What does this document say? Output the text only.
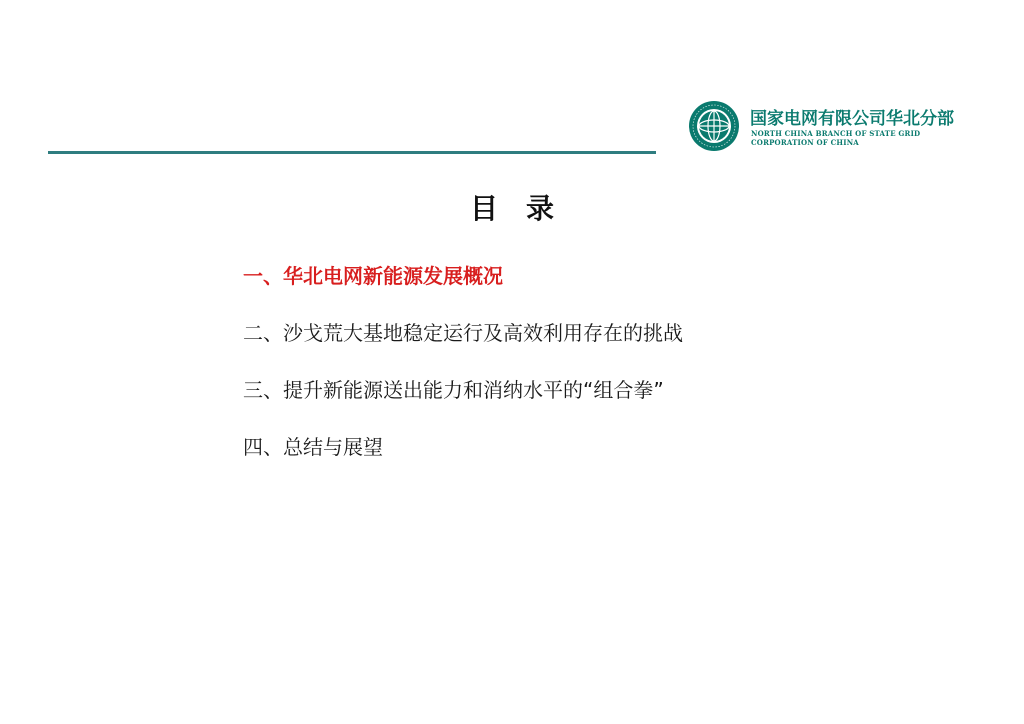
国家电网有限公司华北分部
NORTH CHINA BRANCH OF STATE GRID
CORPORATION OF CHINA
目　录
一、华北电网新能源发展概况
二、沙戈荒大基地稳定运行及高效利用存在的挑战
三、提升新能源送出能力和消纳水平的“组合拳”
四、总结与展望
